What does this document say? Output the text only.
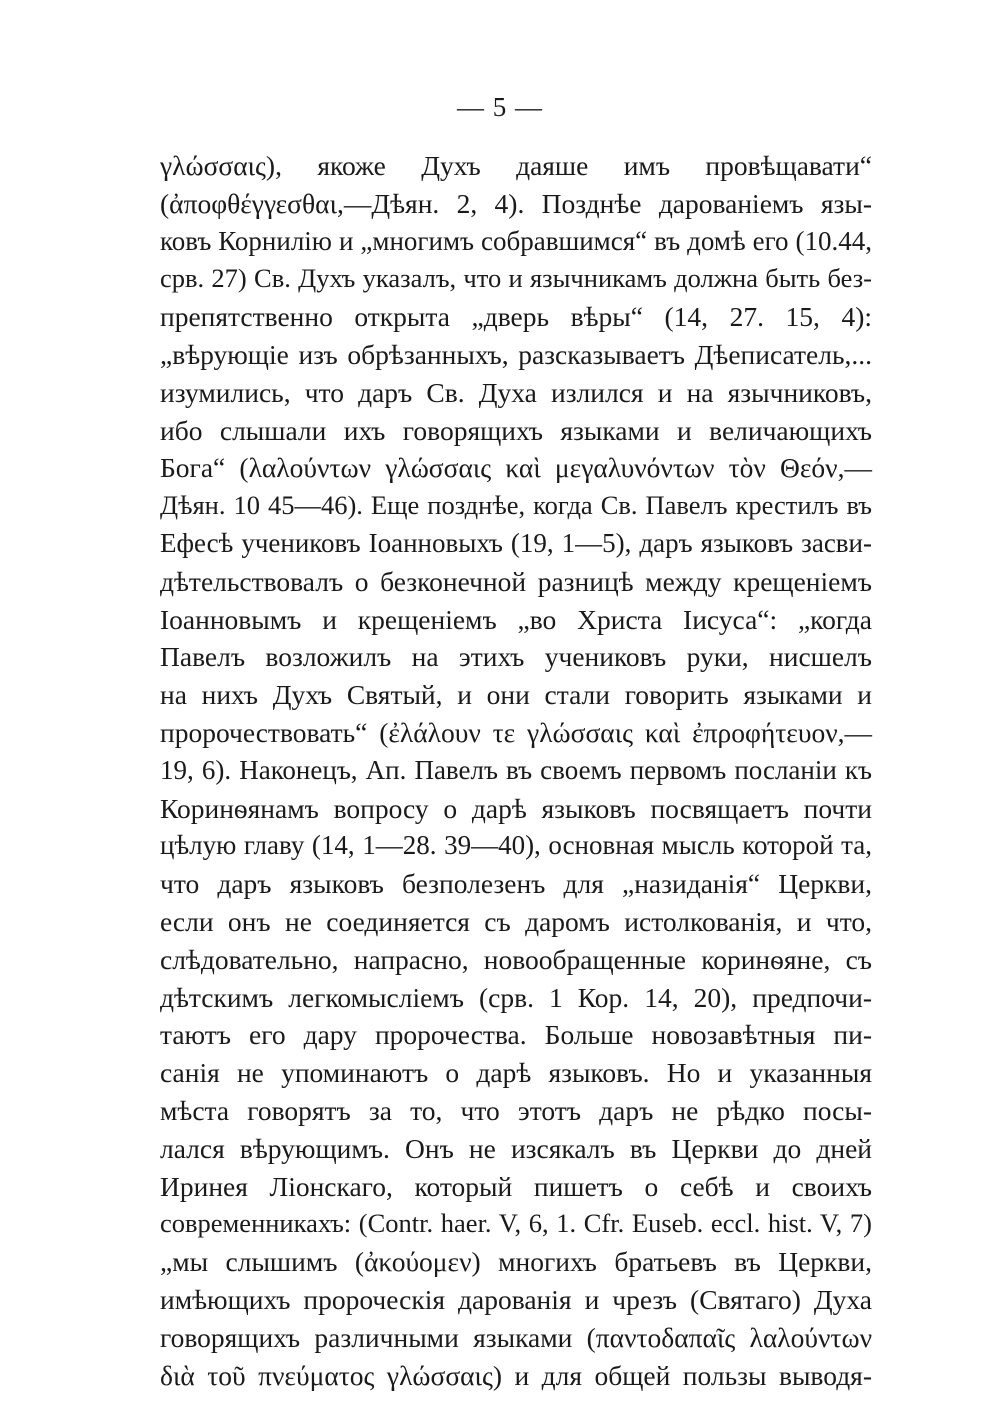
— 5 —
γλώσσαις), якоже Духъ даяше имъ провѣщавати“
(ἀποφθέγγεσθαι,—Дѣян. 2, 4). Позднѣе дарованіемъ язы-
ковъ Корнилію и „многимъ собравшимся“ въ домѣ его (10.44,
срв. 27) Св. Духъ указалъ, что и язычникамъ должна быть без-
препятственно открыта „дверь вѣры“ (14, 27. 15, 4):
„вѣрующіе изъ обрѣзанныхъ, разсказываетъ Дѣеписатель,...
изумились, что даръ Св. Духа излился и на язычниковъ,
ибо слышали ихъ говорящихъ языками и величающихъ
Бога“ (λαλούντων γλώσσαις καὶ μεγαλυνόντων τὸν Θεόν,—
Дѣян. 10 45—46). Еще позднѣе, когда Св. Павелъ крестилъ въ
Ефесѣ учениковъ Іоанновыхъ (19, 1—5), даръ языковъ засви-
дѣтельствовалъ о безконечной разницѣ между крещеніемъ
Іоанновымъ и крещеніемъ „во Христа Іисуса“: „когда
Павелъ возложилъ на этихъ учениковъ руки, нисшелъ
на нихъ Духъ Святый, и они стали говорить языками и
пророчествовать“ (ἐλάλουν τε γλώσσαις καὶ ἐπροφήτευον,—
19, 6). Наконецъ, Ап. Павелъ въ своемъ первомъ посланіи къ
Коринѳянамъ вопросу о дарѣ языковъ посвящаетъ почти
цѣлую главу (14, 1—28. 39—40), основная мысль которой та,
что даръ языковъ безполезенъ для „назиданія“ Церкви,
если онъ не соединяется съ даромъ истолкованія, и что,
слѣдовательно, напрасно, новообращенные коринѳяне, съ
дѣтскимъ легкомысліемъ (срв. 1 Кор. 14, 20), предпочи-
таютъ его дару пророчества. Больше новозавѣтныя пи-
санія не упоминаютъ о дарѣ языковъ. Но и указанныя
мѣста говорятъ за то, что этотъ даръ не рѣдко посы-
лался вѣрующимъ. Онъ не изсякалъ въ Церкви до дней
Иринея Ліонскаго, который пишетъ о себѣ и своихъ
современникахъ: (Contr. haer. V, 6, 1. Cfr. Euseb. eccl. hist. V, 7)
„мы слышимъ (ἀκούομεν) многихъ братьевъ въ Церкви,
имѣющихъ пророческія дарованія и чрезъ (Святаго) Духа
говорящихъ различными языками (παντοδαπαῖς λαλούντων
διὰ τοῦ πνεύματος γλώσσαις) и для общей пользы выводя-
